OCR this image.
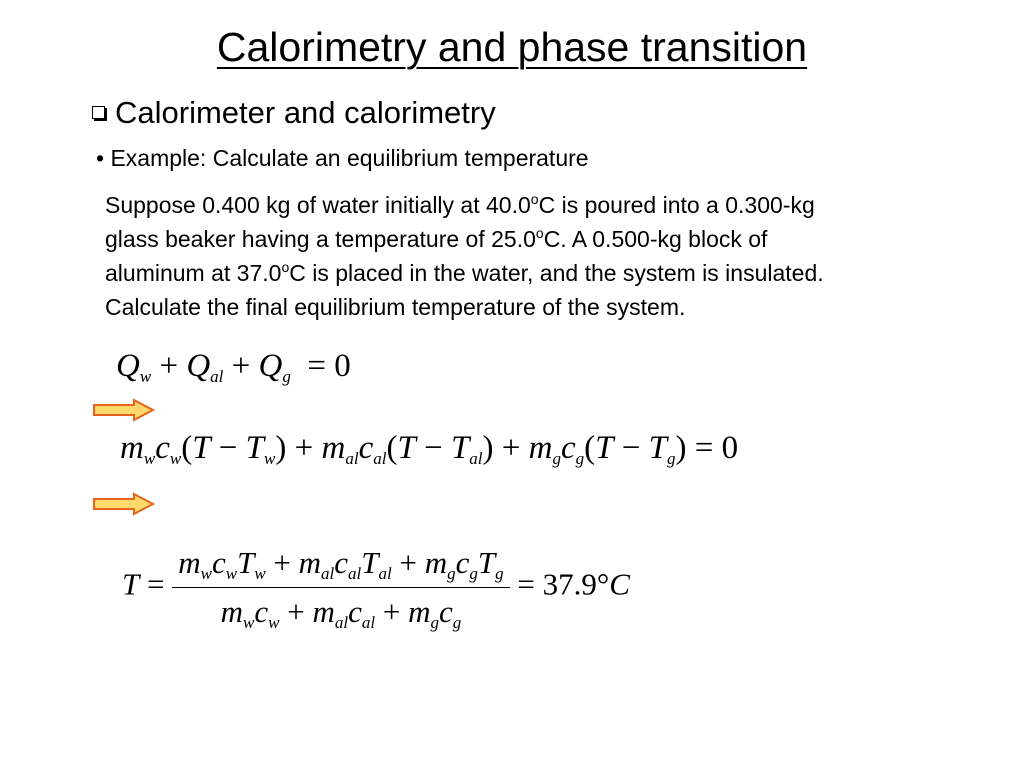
Calorimetry and phase transition
Calorimeter and calorimetry
• Example: Calculate an equilibrium temperature
Suppose 0.400 kg of water initially at 40.0$^o$C is poured into a 0.300-kg
glass beaker having a temperature of 25.0$^o$C. A 0.500-kg block of
aluminum at 37.0$^o$C is placed in the water, and the system is insulated.
Calculate the final equilibrium temperature of the system.
$Q_w + Q_{al} + Q_g = 0$
$m_wc_w(T - T_w) + m_{al}c_{al}(T - T_{al}) + m_gc_g(T - T_g) = 0$
$T = \frac{m_wc_wT_w + m_{al}c_{al}T_{al} + m_gc_gT_g}{m_wc_w + m_{al}c_{al} + m_gc_g} = 37.9^\circ C$
